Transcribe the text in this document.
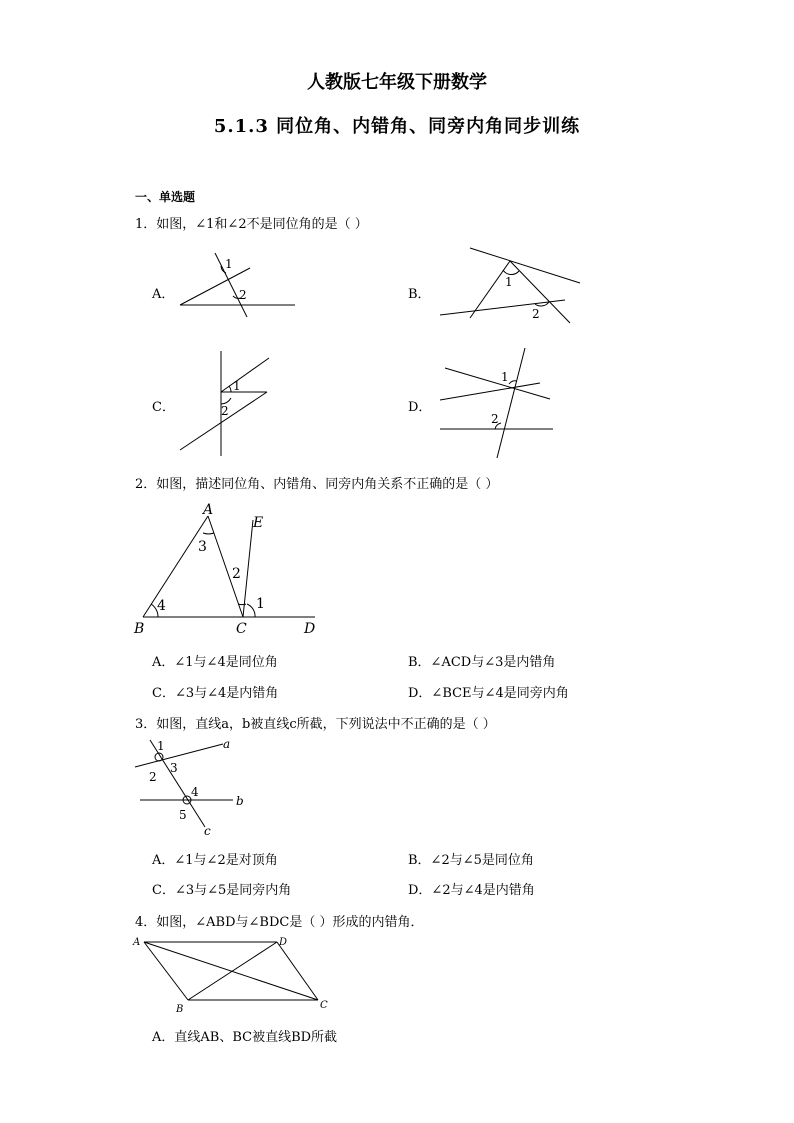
人教版七年级下册数学
5.1.3 同位角、内错角、同旁内角同步训练
一、单选题
1．如图，∠1和∠2不是同位角的是（ ）
A．
1
2	B．
1
2
C．
1
2	D．
1
2
2．如图，描述同位角、内错角、同旁内角关系不正确的是（ ）
A
B	C	D
E
1
2
3
4
A．∠1与∠4是同位角	B．∠ACD与∠3是内错角
C．∠3与∠4是内错角	D．∠BCE与∠4是同旁内角
3．如图，直线a，b被直线c所截，下列说法中不正确的是（ ）
a
b
c
1
2
3
4
5
A．∠1与∠2是对顶角	B．∠2与∠5是同位角
C．∠3与∠5是同旁内角	D．∠2与∠4是内错角
4．如图，∠ABD与∠BDC是（ ）形成的内错角．
A
B	C
D
A．直线AB、BC被直线BD所截
